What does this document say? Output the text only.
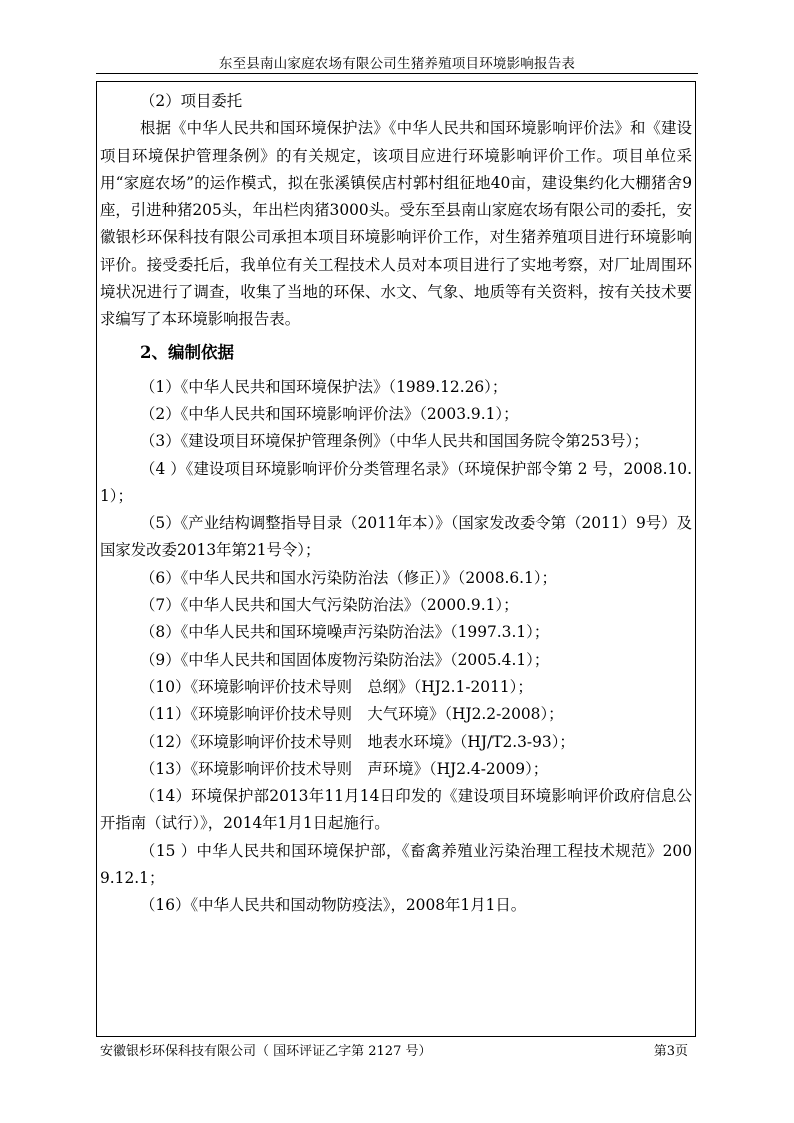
东至县南山家庭农场有限公司生猪养殖项目环境影响报告表

（2）项目委托

根据《中华人民共和国环境保护法》《中华人民共和国环境影响评价法》和《建设项目环境保护管理条例》的有关规定，该项目应进行环境影响评价工作。项目单位采用“家庭农场”的运作模式，拟在张溪镇侯店村郭村组征地40亩，建设集约化大棚猪舍9座，引进种猪205头，年出栏肉猪3000头。受东至县南山家庭农场有限公司的委托，安徽银杉环保科技有限公司承担本项目环境影响评价工作，对生猪养殖项目进行环境影响评价。接受委托后，我单位有关工程技术人员对本项目进行了实地考察，对厂址周围环境状况进行了调查，收集了当地的环保、水文、气象、地质等有关资料，按有关技术要求编写了本环境影响报告表。

2、编制依据

（1）《中华人民共和国环境保护法》（1989.12.26）；

（2）《中华人民共和国环境影响评价法》（2003.9.1）；

（3）《建设项目环境保护管理条例》（中华人民共和国国务院令第253号）；

（4 ）《建设项目环境影响评价分类管理名录》（环境保护部令第 2 号，2008.10.1）；

（5）《产业结构调整指导目录（2011年本）》（国家发改委令第（2011）9号）及国家发改委2013年第21号令）；

（6）《中华人民共和国水污染防治法（修正）》（2008.6.1）；

（7）《中华人民共和国大气污染防治法》（2000.9.1）；

（8）《中华人民共和国环境噪声污染防治法》（1997.3.1）；

（9）《中华人民共和国固体废物污染防治法》（2005.4.1）；

（10）《环境影响评价技术导则　总纲》（HJ2.1-2011）；

（11）《环境影响评价技术导则　大气环境》（HJ2.2-2008）；

（12）《环境影响评价技术导则　地表水环境》（HJ/T2.3-93）；

（13）《环境影响评价技术导则　声环境》（HJ2.4-2009）；

（14）环境保护部2013年11月14日印发的《建设项目环境影响评价政府信息公开指南（试行）》，2014年1月1日起施行。

（15 ）中华人民共和国环境保护部，《畜禽养殖业污染治理工程技术规范》2009.12.1；

（16）《中华人民共和国动物防疫法》，2008年1月1日。

安徽银杉环保科技有限公司（ 国环评证乙字第 2127 号）	第3页
